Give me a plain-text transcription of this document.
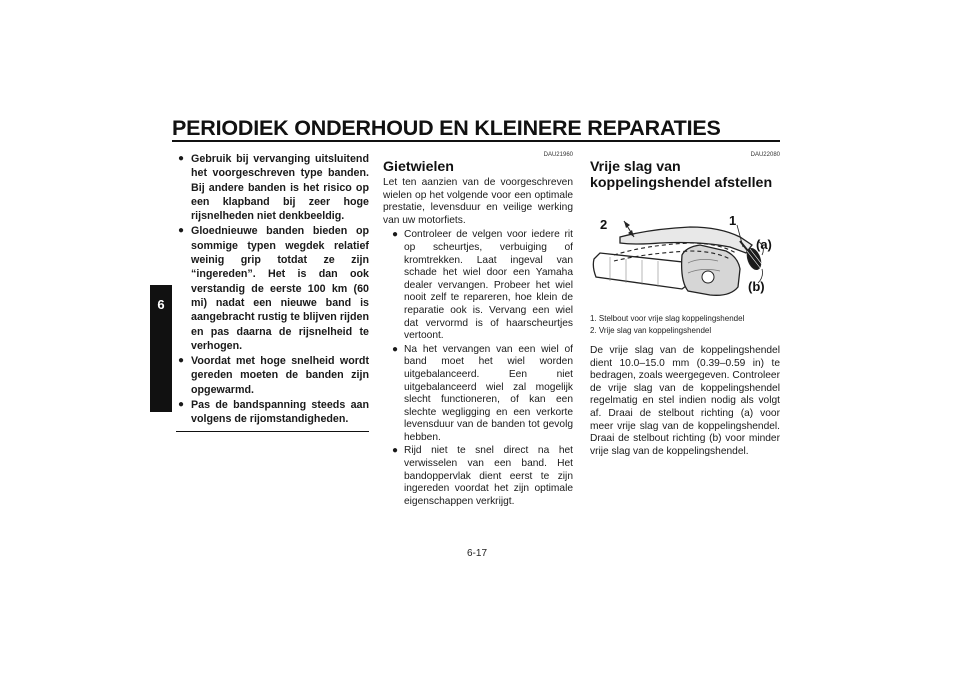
PERIODIEK ONDERHOUD EN KLEINERE REPARATIES
6
● Gebruik bij vervanging uitsluitend het voorgeschreven type banden. Bij andere banden is het risico op een klapband bij zeer hoge rijsnelheden niet denkbeeldig.
● Gloednieuwe banden bieden op sommige typen wegdek relatief weinig grip totdat ze zijn “ingereden”. Het is dan ook verstandig de eerste 100 km (60 mi) nadat een nieuwe band is aangebracht rustig te blijven rijden en pas daarna de rijsnelheid te verhogen.
● Voordat met hoge snelheid wordt gereden moeten de banden zijn opgewarmd.
● Pas de bandspanning steeds aan volgens de rijomstandigheden.
DAU21960
Gietwielen

Let ten aanzien van de voorgeschreven wielen op het volgende voor een optimale prestatie, levensduur en veilige werking van uw motorfiets.

● Controleer de velgen voor iedere rit op scheurtjes, verbuiging of kromtrekken. Laat ingeval van schade het wiel door een Yamaha dealer vervangen. Probeer het wiel nooit zelf te repareren, hoe klein de reparatie ook is. Vervang een wiel dat vervormd is of haarscheurtjes vertoont.
● Na het vervangen van een wiel of band moet het wiel worden uitgebalanceerd. Een niet uitgebalanceerd wiel zal mogelijk slecht functioneren, of kan een slechte wegligging en een verkorte levensduur van de banden tot gevolg hebben.
● Rijd niet te snel direct na het verwisselen van een band. Het bandoppervlak dient eerst te zijn ingereden voordat het zijn optimale eigenschappen verkrijgt.
DAU22080
Vrije slag van koppelingshendel afstellen
2	1
(a)
(b)
1. Stelbout voor vrije slag koppelingshendel
2. Vrije slag van koppelingshendel

De vrije slag van de koppelingshendel dient 10.0–15.0 mm (0.39–0.59 in) te bedragen, zoals weergegeven. Controleer de vrije slag van de koppelingshendel regelmatig en stel indien nodig als volgt af. Draai de stelbout richting (a) voor meer vrije slag van de koppelingshendel. Draai de stelbout richting (b) voor minder vrije slag van de koppelingshendel.

6-17
